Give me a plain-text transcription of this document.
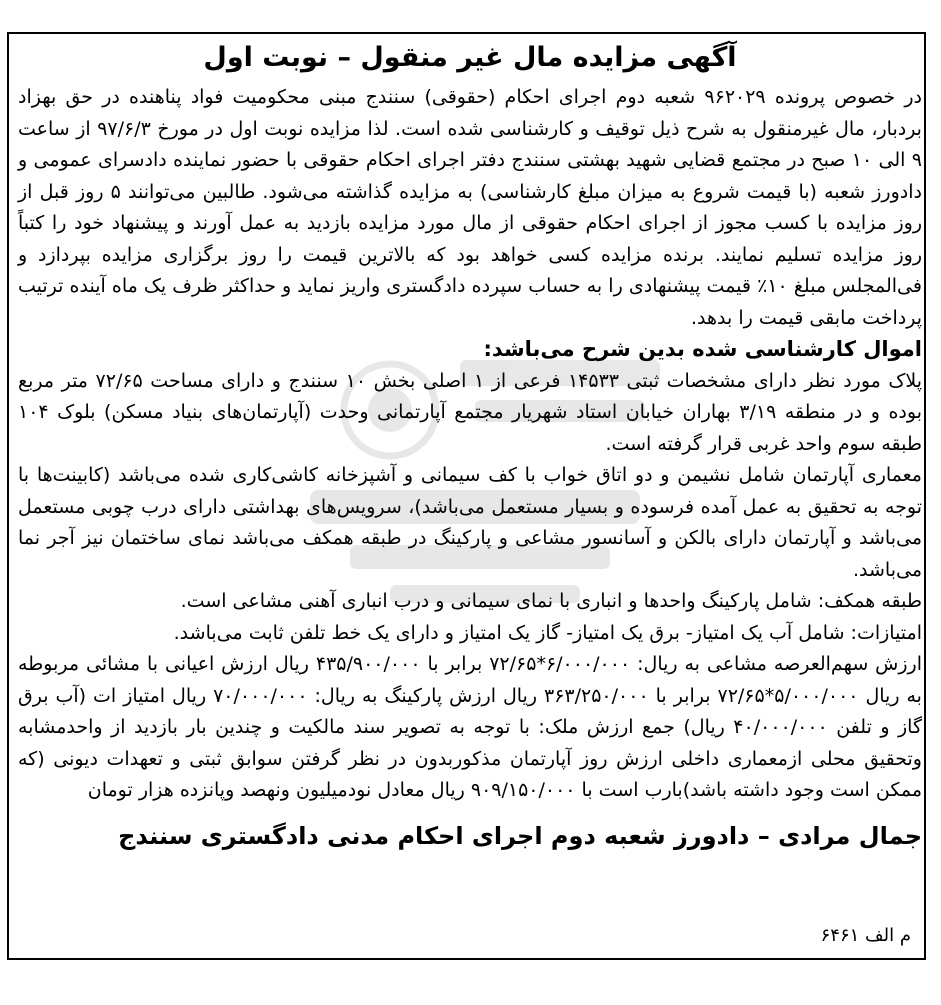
آگهی مزایده مال غیر منقول – نوبت اول

در خصوص پرونده ۹۶۲۰۲۹ شعبه دوم اجرای احکام (حقوقی) سنندج مبنی محکومیت فواد پناهنده در حق بهزاد بردبار، مال غیرمنقول به شرح ذیل توقیف و کارشناسی شده است. لذا مزایده نوبت اول در مورخ ۹۷/۶/۳ از ساعت ۹ الی ۱۰ صبح در مجتمع قضایی شهید بهشتی سنندج دفتر اجرای احکام حقوقی با حضور نماینده دادسرای عمومی و دادورز شعبه (با قیمت شروع به میزان مبلغ کارشناسی) به مزایده گذاشته می‌شود. طالبین می‌توانند ۵ روز قبل از روز مزایده با کسب مجوز از اجرای احکام حقوقی از مال مورد مزایده بازدید به عمل آورند و پیشنهاد خود را کتباً روز مزایده تسلیم نمایند. برنده مزایده کسی خواهد بود که بالاترین قیمت را روز برگزاری مزایده بپردازد و فی‌المجلس مبلغ ۱۰٪ قیمت پیشنهادی را به حساب سپرده دادگستری واریز نماید و حداکثر ظرف یک ماه آینده ترتیب پرداخت مابقی قیمت را بدهد.

اموال کارشناسی شده بدین شرح می‌باشد:

پلاک مورد نظر دارای مشخصات ثبتی ۱۴۵۳۳ فرعی از ۱ اصلی بخش ۱۰ سنندج و دارای مساحت ۷۲/۶۵ متر مربع بوده و در منطقه ۳/۱۹ بهاران خیابان استاد شهریار مجتمع آپارتمانی وحدت (آپارتمان‌های بنیاد مسکن) بلوک ۱۰۴ طبقه سوم واحد غربی قرار گرفته است.

معماری آپارتمان شامل نشیمن و دو اتاق خواب با کف سیمانی و آشپزخانه کاشی‌کاری شده می‌باشد (کابینت‌ها با توجه به تحقیق به عمل آمده فرسوده و بسیار مستعمل می‌باشد)، سرویس‌های بهداشتی دارای درب چوبی مستعمل می‌باشد و آپارتمان دارای بالکن و آسانسور مشاعی و پارکینگ در طبقه همکف می‌باشد نمای ساختمان نیز آجر نما می‌باشد.

طبقه همکف: شامل پارکینگ واحدها و انباری با نمای سیمانی و درب انباری آهنی مشاعی است.

امتیازات: شامل آب یک امتیاز- برق یک امتیاز- گاز یک امتیاز و دارای یک خط تلفن ثابت می‌باشد.

ارزش سهم‌العرصه مشاعی به ریال: ۶/۰۰۰/۰۰۰*۷۲/۶۵ برابر با ۴۳۵/۹۰۰/۰۰۰ ریال ارزش اعیانی با مشائی مربوطه به ریال ۵/۰۰۰/۰۰۰*۷۲/۶۵ برابر با ۳۶۳/۲۵۰/۰۰۰ ریال ارزش پارکینگ به ریال: ۷۰/۰۰۰/۰۰۰ ریال امتیاز ات (آب برق گاز و تلفن ۴۰/۰۰۰/۰۰۰ ریال) جمع ارزش ملک: با توجه به تصویر سند مالکیت و چندین بار بازدید از واحدمشابه وتحقیق محلی ازمعماری داخلی ارزش روز آپارتمان مذکوربدون در نظر گرفتن سوابق ثبتی و تعهدات دیونی (که ممکن است وجود داشته باشد)بارب است با ۹۰۹/۱۵۰/۰۰۰ ریال معادل نودمیلیون ونهصد وپانزده هزار تومان

جمال مرادی – دادورز شعبه دوم اجرای احکام مدنی دادگستری سنندج
م الف ۶۴۶۱
